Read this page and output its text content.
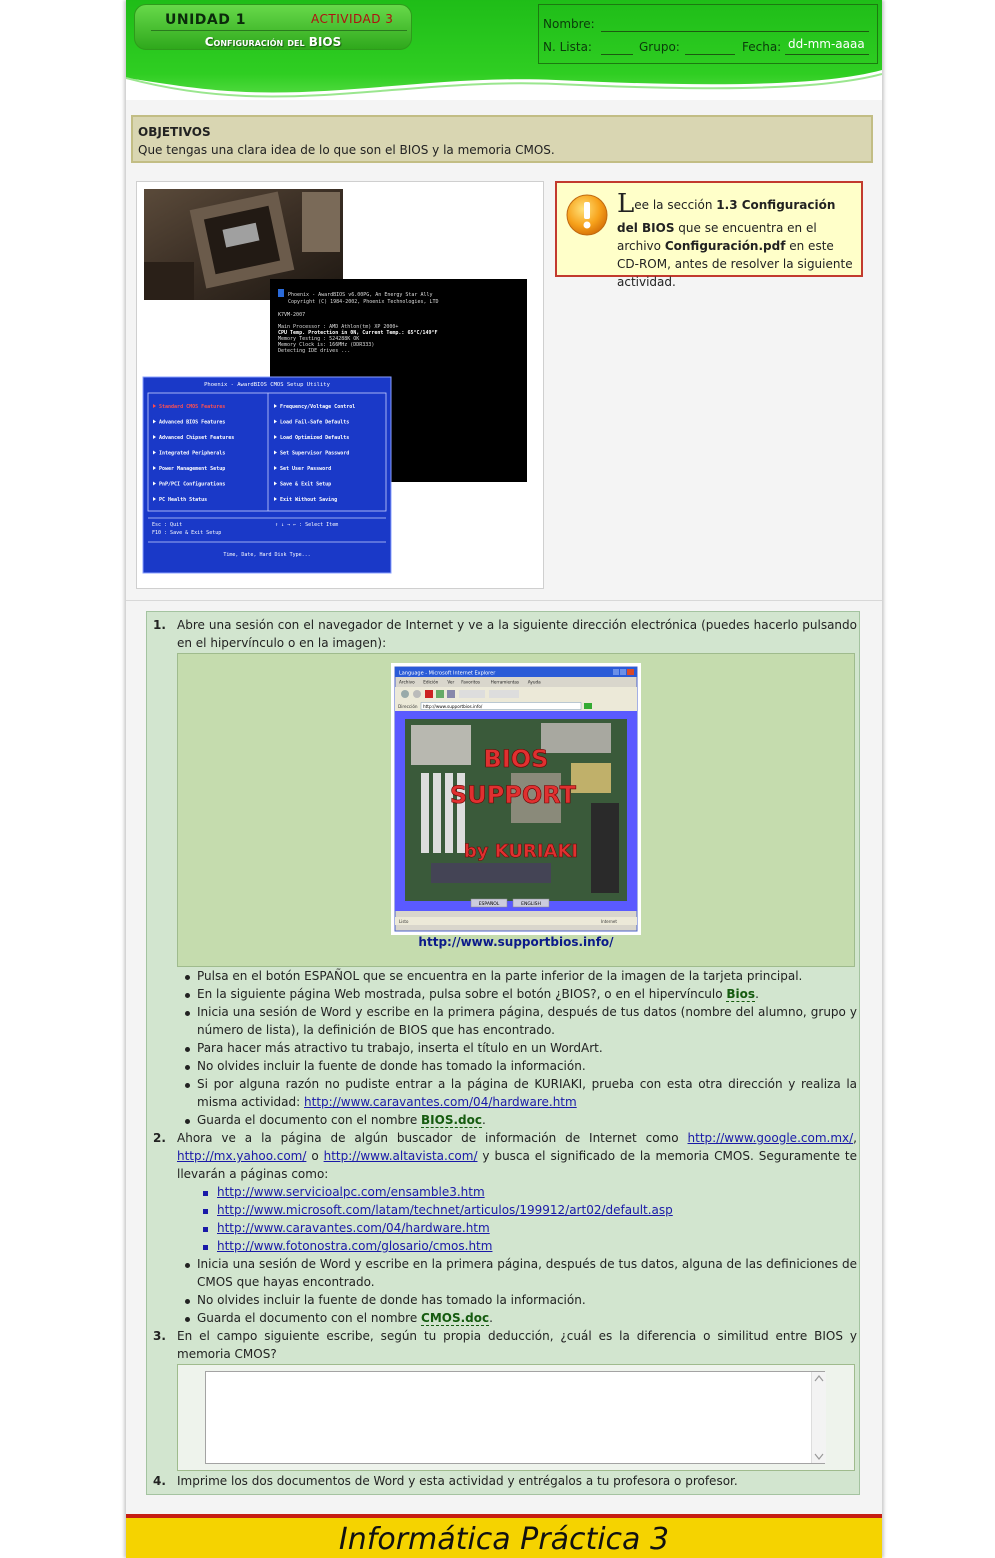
UNIDAD 1	ACTIVIDAD 3
Configuración del BIOS
Nombre:
N. Lista:	Grupo:	Fecha: dd-mm-aaaa
OBJETIVOS
Que tengas una clara idea de lo que son el BIOS y la memoria CMOS.
Phoenix - AwardBIOS v6.00PG, An Energy Star Ally
Copyright (C) 1984-2002, Phoenix Technologies, LTD
K7VM-2007
Main Processor : AMD Athlon(tm) XP 2000+
CPU Temp. Protection in 0N, Current Temp.: 65°C/149°F
Memory Testing : 524288K OK
Memory Clock is: 166MHz (DDR333)
Detecting IDE drives ...
Phoenix - AwardBIOS CMOS Setup Utility
Standard CMOS Features
Advanced BIOS Features
Advanced Chipset Features
Integrated Peripherals
Power Management Setup
PnP/PCI Configurations
PC Health Status
Frequency/Voltage Control
Load Fail-Safe Defaults
Load Optimized Defaults
Set Supervisor Password
Set User Password
Save & Exit Setup
Exit Without Saving
Esc : Quit
F10 : Save & Exit Setup
↑ ↓ → ← : Select Item
Time, Date, Hard Disk Type...
Lee la sección 1.3 Configuración del BIOS que se encuentra en el archivo Configuración.pdf en este CD-ROM, antes de resolver la siguiente actividad.
1. Abre una sesión con el navegador de Internet y ve a la siguiente dirección electrónica (puedes hacerlo pulsando en el hipervínculo o en la imagen):
Language - Microsoft Internet Explorer
Archivo Edición Ver Favoritos Herramientas Ayuda
Dirección http://www.supportbios.info/
BIOS
SUPPORT
by KURIAKI
ESPAÑOL	ENGLISH
Listo	Internet
http://www.supportbios.info/
Pulsa en el botón ESPAÑOL que se encuentra en la parte inferior de la imagen de la tarjeta principal.
En la siguiente página Web mostrada, pulsa sobre el botón ¿BIOS?, o en el hipervínculo Bios.
Inicia una sesión de Word y escribe en la primera página, después de tus datos (nombre del alumno, grupo y número de lista), la definición de BIOS que has encontrado.
Para hacer más atractivo tu trabajo, inserta el título en un WordArt.
No olvides incluir la fuente de donde has tomado la información.
Si por alguna razón no pudiste entrar a la página de KURIAKI, prueba con esta otra dirección y realiza la misma actividad: http://www.caravantes.com/04/hardware.htm
Guarda el documento con el nombre BIOS.doc.
2. Ahora ve a la página de algún buscador de información de Internet como http://www.google.com.mx/, http://mx.yahoo.com/ o http://www.altavista.com/ y busca el significado de la memoria CMOS. Seguramente te llevarán a páginas como:
http://www.servicioalpc.com/ensamble3.htm
http://www.microsoft.com/latam/technet/articulos/199912/art02/default.asp
http://www.caravantes.com/04/hardware.htm
http://www.fotonostra.com/glosario/cmos.htm
Inicia una sesión de Word y escribe en la primera página, después de tus datos, alguna de las definiciones de CMOS que hayas encontrado.
No olvides incluir la fuente de donde has tomado la información.
Guarda el documento con el nombre CMOS.doc.
3. En el campo siguiente escribe, según tu propia deducción, ¿cuál es la diferencia o similitud entre BIOS y memoria CMOS?
4. Imprime los dos documentos de Word y esta actividad y entrégalos a tu profesora o profesor.
Informática Práctica 3
